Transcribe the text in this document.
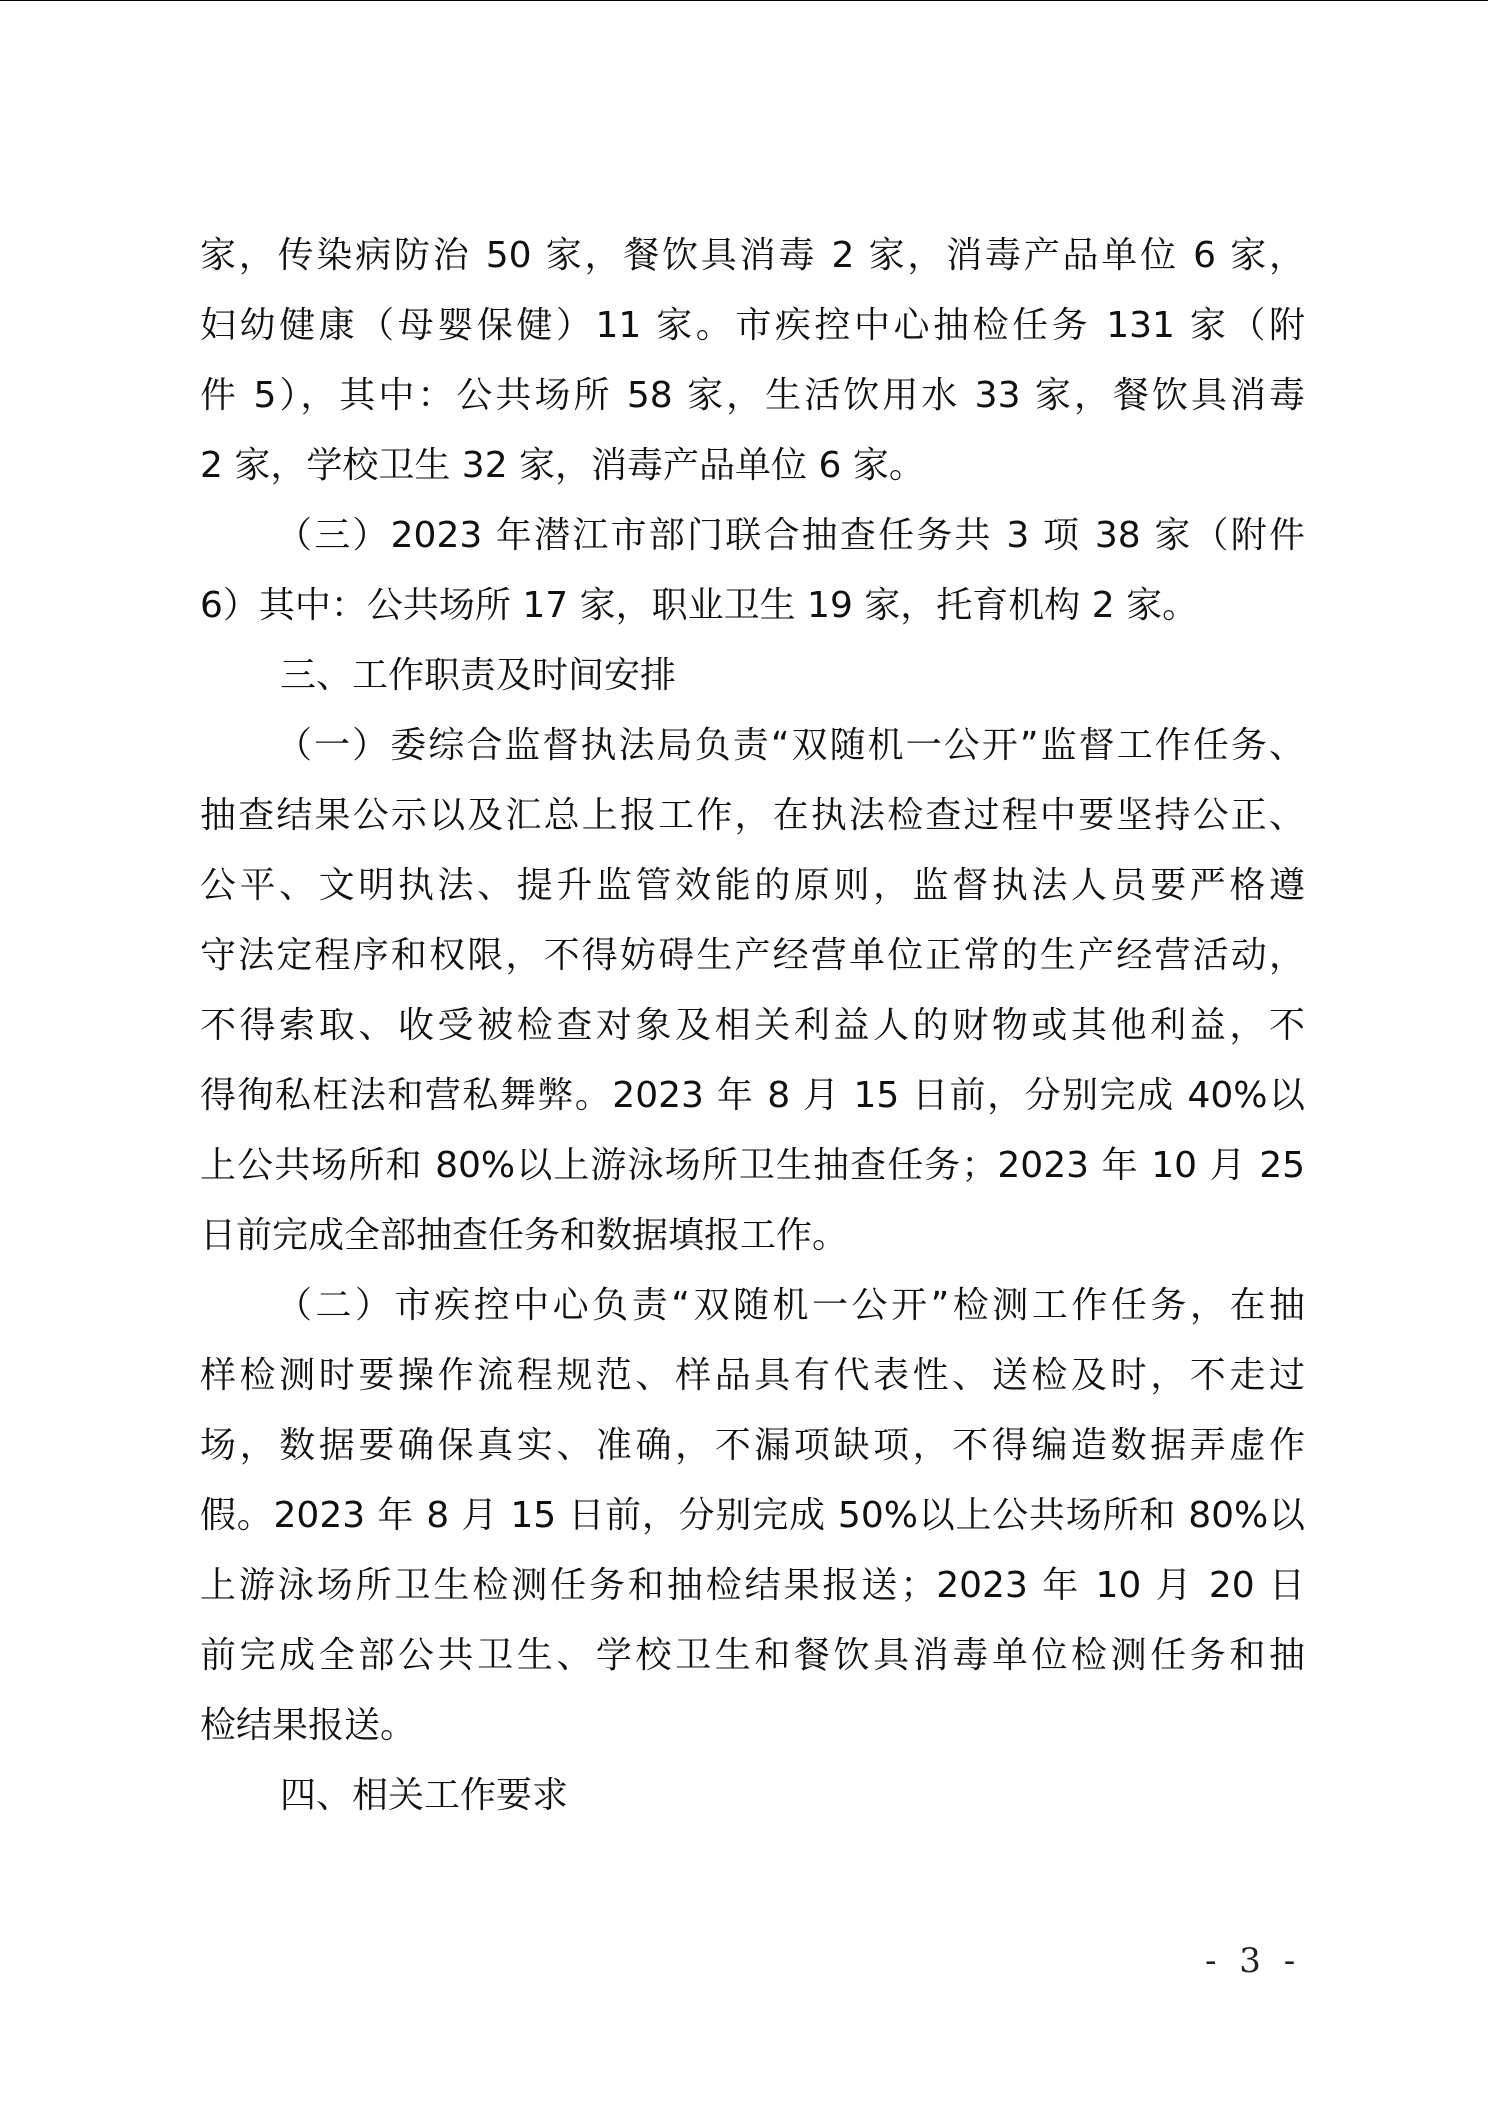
家，传染病防治 50 家，餐饮具消毒 2 家，消毒产品单位 6 家，
妇幼健康（母婴保健）11 家。市疾控中心抽检任务 131 家（附
件 5），其中：公共场所 58 家，生活饮用水 33 家，餐饮具消毒
2 家，学校卫生 32 家，消毒产品单位 6 家。
（三）2023 年潜江市部门联合抽查任务共 3 项 38 家（附件
6）其中：公共场所 17 家，职业卫生 19 家，托育机构 2 家。
三、工作职责及时间安排
（一）委综合监督执法局负责“双随机一公开”监督工作任务、
抽查结果公示以及汇总上报工作，在执法检查过程中要坚持公正、
公平、文明执法、提升监管效能的原则，监督执法人员要严格遵
守法定程序和权限，不得妨碍生产经营单位正常的生产经营活动，
不得索取、收受被检查对象及相关利益人的财物或其他利益，不
得徇私枉法和营私舞弊。2023 年 8 月 15 日前，分别完成 40%以
上公共场所和 80%以上游泳场所卫生抽查任务；2023 年 10 月 25
日前完成全部抽查任务和数据填报工作。
（二）市疾控中心负责“双随机一公开”检测工作任务，在抽
样检测时要操作流程规范、样品具有代表性、送检及时，不走过
场，数据要确保真实、准确，不漏项缺项，不得编造数据弄虚作
假。2023 年 8 月 15 日前，分别完成 50%以上公共场所和 80%以
上游泳场所卫生检测任务和抽检结果报送；2023 年 10 月 20 日
前完成全部公共卫生、学校卫生和餐饮具消毒单位检测任务和抽
检结果报送。
四、相关工作要求
- 3 -
